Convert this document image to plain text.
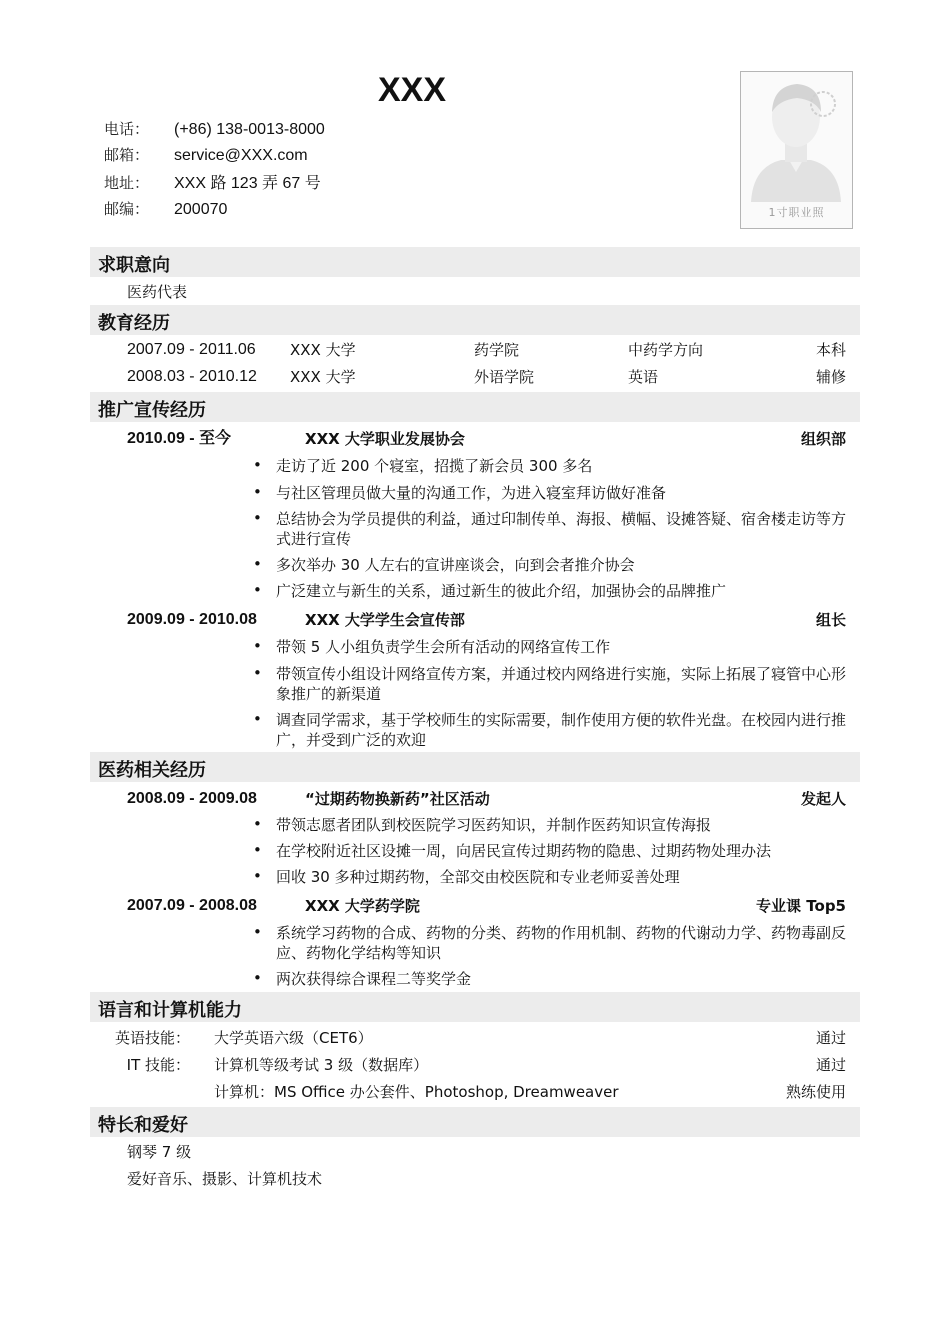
XXX
电话： (+86) 138-0013-8000
邮箱： service@XXX.com
地址： XXX 路 123 弄 67 号
邮编： 200070	1寸职业照
求职意向
医药代表
教育经历
2007.09 - 2011.06 XXX 大学	药学院	中药学方向	本科
2008.03 - 2010.12 XXX 大学	外语学院	英语	辅修
推广宣传经历
2010.09 - 至今	XXX 大学职业发展协会	组织部
• 走访了近 200 个寝室，招揽了新会员 300 多名
• 与社区管理员做大量的沟通工作，为进入寝室拜访做好准备
• 总结协会为学员提供的利益，通过印制传单、海报、横幅、设摊答疑、宿舍楼走访等方式进行宣传
• 多次举办 30 人左右的宣讲座谈会，向到会者推介协会
• 广泛建立与新生的关系，通过新生的彼此介绍，加强协会的品牌推广
2009.09 - 2010.08	XXX 大学学生会宣传部	组长
• 带领 5 人小组负责学生会所有活动的网络宣传工作
• 带领宣传小组设计网络宣传方案，并通过校内网络进行实施，实际上拓展了寝管中心形象推广的新渠道
• 调查同学需求，基于学校师生的实际需要，制作使用方便的软件光盘。在校园内进行推广，并受到广泛的欢迎
医药相关经历
2008.09 - 2009.08	“过期药物换新药”社区活动	发起人
• 带领志愿者团队到校医院学习医药知识，并制作医药知识宣传海报
• 在学校附近社区设摊一周，向居民宣传过期药物的隐患、过期药物处理办法
• 回收 30 多种过期药物，全部交由校医院和专业老师妥善处理
2007.09 - 2008.08	XXX 大学药学院	专业课 Top5
• 系统学习药物的合成、药物的分类、药物的作用机制、药物的代谢动力学、药物毒副反应、药物化学结构等知识
• 两次获得综合课程二等奖学金
语言和计算机能力
英语技能： 大学英语六级（CET6）	通过
IT 技能： 计算机等级考试 3 级（数据库）	通过
计算机：MS Office 办公套件、Photoshop, Dreamweaver	熟练使用
特长和爱好
钢琴 7 级
爱好音乐、摄影、计算机技术
